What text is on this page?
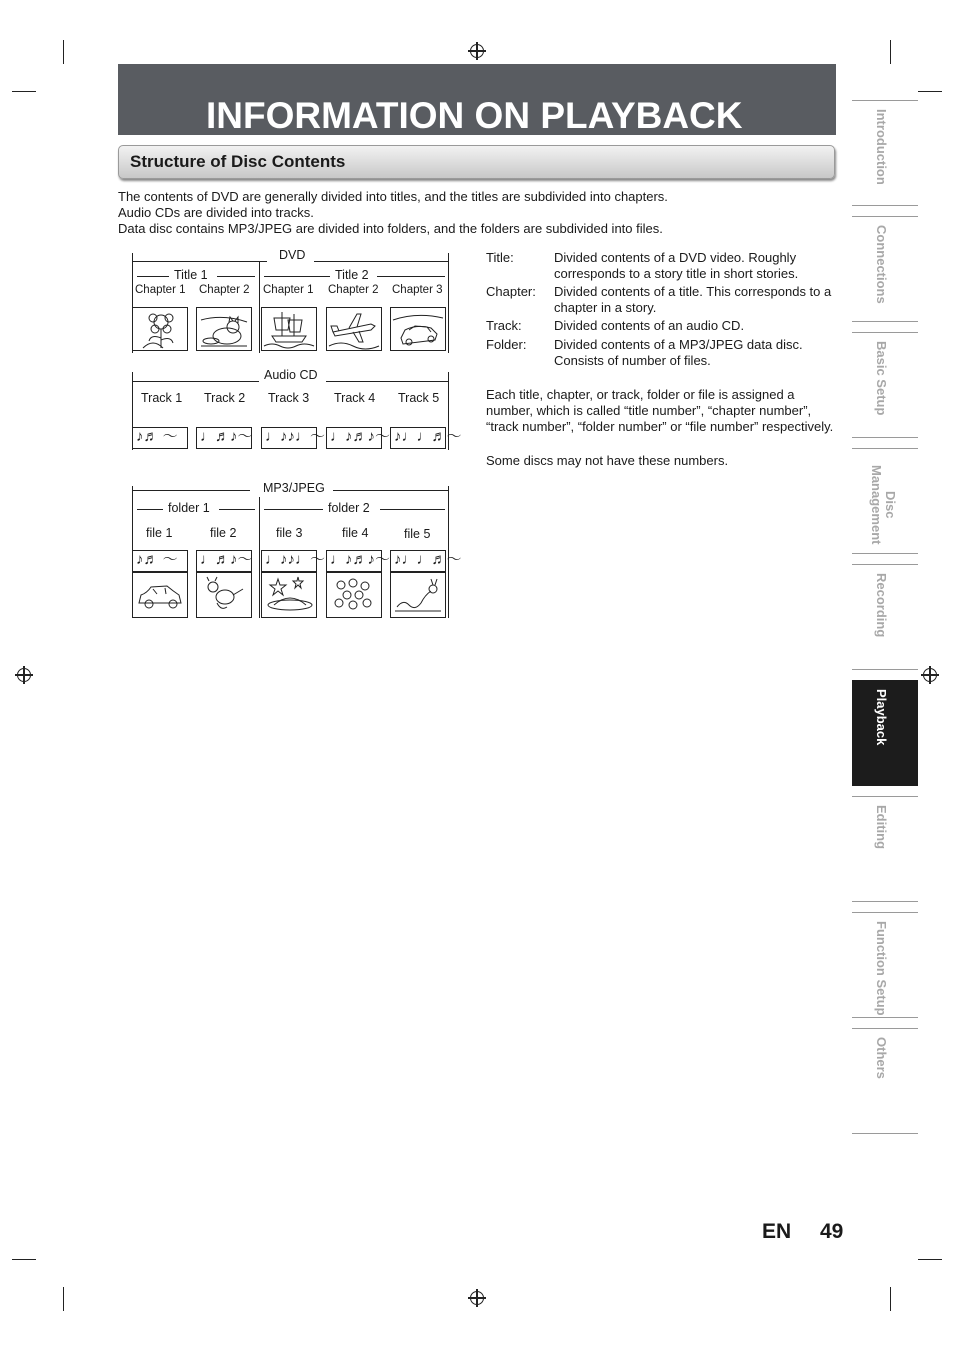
INFORMATION ON PLAYBACK
Structure of Disc Contents
The contents of DVD are generally divided into titles, and the titles are subdivided into chapters.
Audio CDs are divided into tracks.
Data disc contains MP3/JPEG are divided into folders, and the folders are subdivided into files.
DVD
Title 1	Title 2
Chapter 1 Chapter 2 Chapter 1 Chapter 2 Chapter 3
Audio CD
Track 1 Track 2 Track 3 Track 4 Track 5
♪♬ ～	♩♬♪～ ♩♪♪♩～ ♩♪♬♪～ ♪♩♩♬～
MP3/JPEG
folder 1	folder 2
file 1	file 2	file 3	file 4	file 5
♪♬ ～	♩♬♪～ ♩♪♪♩～ ♩♪♬♪～ ♪♩♩♬～
Title:	Divided contents of a DVD video. Roughly corresponds to a story title in short stories.
Chapter: Divided contents of a title. This corresponds to a chapter in a story.
Track: Divided contents of an audio CD.
Folder: Divided contents of a MP3/JPEG data disc. Consists of number of files.
Each title, chapter, or track, folder or file is assigned a number, which is called “title number”, “chapter number”, “track number”, “folder number” or “file number” respectively.
Some discs may not have these numbers.
Introduction
Connections
Basic Setup
Disc Management
Recording
Playback
Editing
Function Setup
Others
EN 49
